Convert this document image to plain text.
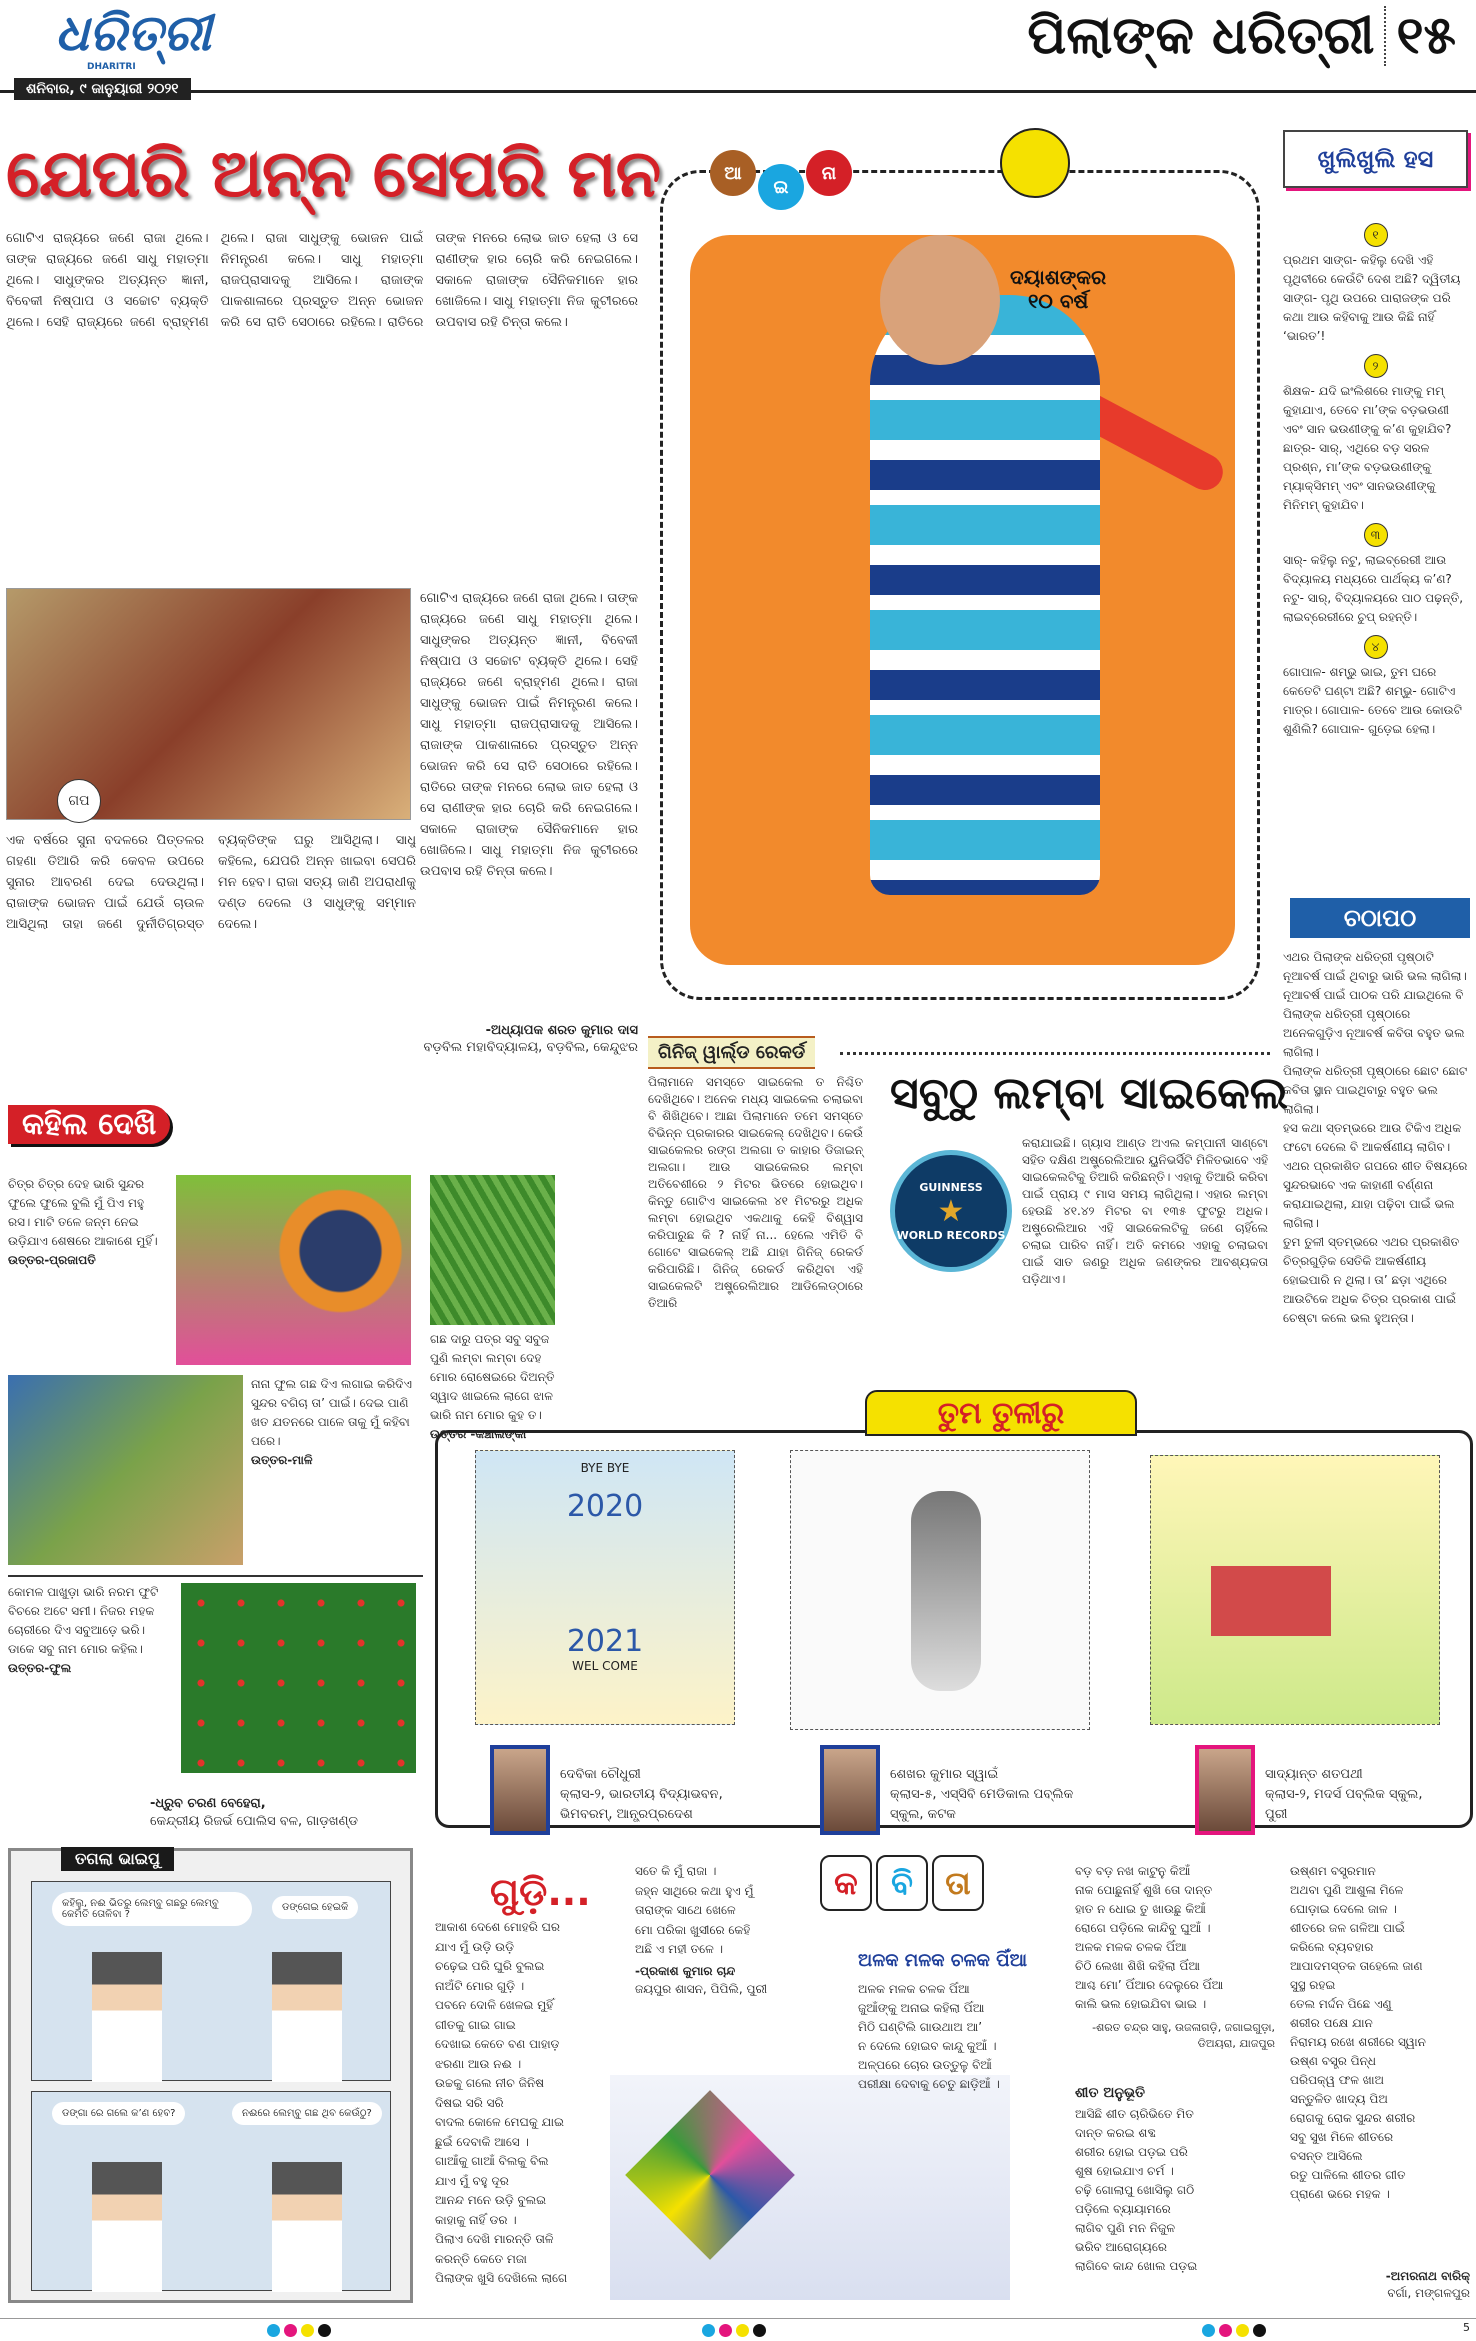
ଧରିତ୍ରୀ
DHARITRI
ଶନିବାର, ୯ ଜାନୁୟାରୀ ୨୦୨୧
ପିଲାଙ୍କ ଧରିତ୍ରୀ ୧୫
ଯେପରି ଅନ୍ନ ସେପରି ମନ
ଗୋଟିଏ ରାଜ୍ୟରେ ଜଣେ ରାଜା ଥିଲେ। ତାଙ୍କ ରାଜ୍ୟରେ ଜଣେ ସାଧୁ ମହାତ୍ମା ଥିଲେ। ସାଧୁଙ୍କର ଅତ୍ୟନ୍ତ ଜ୍ଞାନୀ, ବିବେକୀ ନିଷ୍ପାପ ଓ ସଚ୍ଚୋଟ ବ୍ୟକ୍ତି ଥିଲେ। ସେହି ରାଜ୍ୟରେ ଜଣେ ବ୍ରାହ୍ମଣ ଥିଲେ। ରାଜା ସାଧୁଙ୍କୁ ଭୋଜନ ପାଇଁ ନିମନ୍ତ୍ରଣ କଲେ। ସାଧୁ ମହାତ୍ମା ରାଜପ୍ରାସାଦକୁ ଆସିଲେ। ରାଜାଙ୍କ ପାକଶାଳାରେ ପ୍ରସ୍ତୁତ ଅନ୍ନ ଭୋଜନ କରି ସେ ରାତି ସେଠାରେ ରହିଲେ। ରାତିରେ ତାଙ୍କ ମନରେ ଲୋଭ ଜାତ ହେଲା ଓ ସେ ରାଣୀଙ୍କ ହାର ଚୋରି କରି ନେଇଗଲେ। ସକାଳେ ରାଜାଙ୍କ ସୈନିକମାନେ ହାର ଖୋଜିଲେ। ସାଧୁ ମହାତ୍ମା ନିଜ କୁଟୀରରେ ଉପବାସ ରହି ଚିନ୍ତା କଲେ।
ଗପ
ଗୋଟିଏ ରାଜ୍ୟରେ ଜଣେ ରାଜା ଥିଲେ। ତାଙ୍କ ରାଜ୍ୟରେ ଜଣେ ସାଧୁ ମହାତ୍ମା ଥିଲେ। ସାଧୁଙ୍କର ଅତ୍ୟନ୍ତ ଜ୍ଞାନୀ, ବିବେକୀ ନିଷ୍ପାପ ଓ ସଚ୍ଚୋଟ ବ୍ୟକ୍ତି ଥିଲେ। ସେହି ରାଜ୍ୟରେ ଜଣେ ବ୍ରାହ୍ମଣ ଥିଲେ। ରାଜା ସାଧୁଙ୍କୁ ଭୋଜନ ପାଇଁ ନିମନ୍ତ୍ରଣ କଲେ। ସାଧୁ ମହାତ୍ମା ରାଜପ୍ରାସାଦକୁ ଆସିଲେ। ରାଜାଙ୍କ ପାକଶାଳାରେ ପ୍ରସ୍ତୁତ ଅନ୍ନ ଭୋଜନ କରି ସେ ରାତି ସେଠାରେ ରହିଲେ। ରାତିରେ ତାଙ୍କ ମନରେ ଲୋଭ ଜାତ ହେଲା ଓ ସେ ରାଣୀଙ୍କ ହାର ଚୋରି କରି ନେଇଗଲେ। ସକାଳେ ରାଜାଙ୍କ ସୈନିକମାନେ ହାର ଖୋଜିଲେ। ସାଧୁ ମହାତ୍ମା ନିଜ କୁଟୀରରେ ଉପବାସ ରହି ଚିନ୍ତା କଲେ।
ଏକ ବର୍ଷରେ ସୁନା ବଦଳରେ ପିତ୍ତଳର ଗହଣା ତିଆରି କରି କେବଳ ଉପରେ ସୁନାର ଆବରଣ ଦେଇ ଦେଉଥିଲା। ରାଜାଙ୍କ ଭୋଜନ ପାଇଁ ଯେଉଁ ଚାଉଳ ଆସିଥିଲା ତାହା ଜଣେ ଦୁର୍ନୀତିଗ୍ରସ୍ତ ବ୍ୟକ୍ତିଙ୍କ ଘରୁ ଆସିଥିଲା। ସାଧୁ କହିଲେ, ଯେପରି ଅନ୍ନ ଖାଇବା ସେପରି ମନ ହେବ। ରାଜା ସତ୍ୟ ଜାଣି ଅପରାଧୀକୁ ଦଣ୍ଡ ଦେଲେ ଓ ସାଧୁଙ୍କୁ ସମ୍ମାନ ଦେଲେ।
-ଅଧ୍ୟାପକ ଶରତ କୁମାର ଦାସ
ବଡ଼ବିଲ ମହାବିଦ୍ୟାଳୟ, ବଡ଼ବିଲ, କେନ୍ଦୁଝର
ଆ
ଇ
ନା
ଦୟାଶଙ୍କର
୧୦ ବର୍ଷ
ଖୁଲିଖୁଲି ହସ
୧
ପ୍ରଥମ ସାଙ୍ଗ- କହିଲୁ ଦେଖି ଏହି ପୃଥିବୀରେ କେଉଁଟି ଦେଶ ଅଛି? ଦ୍ୱିତୀୟ ସାଙ୍ଗ- ପୃଥି ଉପରେ ପାରାଜଙ୍କ ପରି କଥା ଆଉ କହିବାକୁ ଆଉ କିଛି ନାହିଁ ‘ଭାରତ’!
୨
ଶିକ୍ଷକ- ଯଦି ଇଂଲିଶରେ ମାଙ୍କୁ ମମ୍ କୁହାଯାଏ, ତେବେ ମା’ଙ୍କ ବଡ଼ଭଉଣୀ ଏବଂ ସାନ ଭଉଣୀଙ୍କୁ କ’ଣ କୁହାଯିବ? ଛାତ୍ର- ସାର୍, ଏଥିରେ ବଡ଼ ସରଳ ପ୍ରଶ୍ନ, ମା’ଙ୍କ ବଡ଼ଭଉଣୀଙ୍କୁ ମ୍ୟାକ୍ସିମମ୍ ଏବଂ ସାନଭଉଣୀଙ୍କୁ ମିନିମମ୍ କୁହାଯିବ।
୩
ସାର୍- କହିଲୁ ନଟୁ, ଲାଇବ୍ରେରୀ ଆଉ ବିଦ୍ୟାଳୟ ମଧ୍ୟରେ ପାର୍ଥକ୍ୟ କ’ଣ? ନଟୁ- ସାର୍, ବିଦ୍ୟାଳୟରେ ପାଠ ପଢ଼ନ୍ତି, ଲାଇବ୍ରେରୀରେ ଚୁପ୍ ରହନ୍ତି।
୪
ଗୋପାଳ- ଶମ୍ଭୁ ଭାଇ, ତୁମ ଘରେ କେତେଟି ଘଣ୍ଟା ଅଛି? ଶମ୍ଭୁ- ଗୋଟିଏ ମାତ୍ର। ଗୋପାଳ- ତେବେ ଆଉ କୋଉଟି ଶୁଣିଲି? ଗୋପାଳ- ଗୁଡ଼େଇ ହେଲା।
ଚଠାପଠ

ଏଥର ପିଲାଙ୍କ ଧରିତ୍ରୀ ପୃଷ୍ଠାଟି ନୂଆବର୍ଷ ପାଇଁ ଥିବାରୁ ଭାରି ଭଲ ଲାଗିଲା। ନୂଆବର୍ଷ ପାଇଁ ପାଠକ ପରି ଯାଇଥିଲେ ବି ପିଲାଙ୍କ ଧରିତ୍ରୀ ପୃଷ୍ଠାରେ ଅନେକଗୁଡ଼ିଏ ନୂଆବର୍ଷ କବିତା ବହୁତ ଭଲ ଲାଗିଲା।

ପିଲାଙ୍କ ଧରିତ୍ରୀ ପୃଷ୍ଠାରେ ଛୋଟ ଛୋଟ କବିତା ସ୍ଥାନ ପାଇଥିବାରୁ ବହୁତ ଭଲ ଲାଗିଲା।

ହସ କଥା ସ୍ତମ୍ଭରେ ଆଉ ଟିକିଏ ଅଧିକ ଫଟୋ ଦେଲେ ବି ଆକର୍ଷଣୀୟ ଲାଗିବ।

ଏଥର ପ୍ରକାଶିତ ଗପରେ ଶୀତ ବିଷୟରେ ସୁନ୍ଦରଭାବେ ଏକ କାହାଣୀ ବର୍ଣ୍ଣନା କରାଯାଇଥିଲା, ଯାହା ପଢ଼ିବା ପାଇଁ ଭଲ ଲାଗିଲା।

ତୁମ ତୁଳୀ ସ୍ତମ୍ଭରେ ଏଥର ପ୍ରକାଶିତ ଚିତ୍ରଗୁଡ଼ିକ ସେତିକି ଆକର୍ଷଣୀୟ ହୋଇପାରି ନ ଥିଲା। ତା’ ଛଡ଼ା ଏଥିରେ ଆଉଟିକେ ଅଧିକ ଚିତ୍ର ପ୍ରକାଶ ପାଇଁ ଚେଷ୍ଟା କଲେ ଭଲ ହୁଅନ୍ତା।

ଗିନିଜ୍ ୱାର୍ଲ୍ଡ ରେକର୍ଡ
ସବୁଠୁ ଲମ୍ବା ସାଇକେଲ
ପିଲାମାନେ ସମସ୍ତେ ସାଇକେଲ ତ ନିଶ୍ଚିତ ଦେଖିଥିବେ। ଅନେକ ମଧ୍ୟ ସାଇକେଲ ଚଲାଇବା ବି ଶିଖିଥିବେ। ଆଛା ପିଲାମାନେ ତମେ ସମସ୍ତେ ବିଭିନ୍ନ ପ୍ରକାରର ସାଇକେଲ୍ ଦେଖିଥିବ। କେଉଁ ସାଇକେଲର ରଙ୍ଗ ଅଲଗା ତ କାହାର ଡିଜାଇନ୍ ଅଲଗା। ଆଉ ସାଇକେଲର ଲମ୍ବା ଅତିବେଶୀରେ ୨ ମିଟର ଭିତରେ ହୋଇଥିବ। କିନ୍ତୁ ଗୋଟିଏ ସାଇକେଲ ୪୧ ମିଟରରୁ ଅଧିକ ଲମ୍ବା ହୋଇଥିବ ଏକଥାକୁ କେହି ବିଶ୍ୱାସ କରିପାରୁଛ କି ? ନାହିଁ ନା... ହେଲେ ଏମିତି ବି ଗୋଟେ ସାଇକେଲ୍ ଅଛି ଯାହା ଗିନିଜ୍ ରେକର୍ଡ କରିପାରିଛି। ଗିନିଜ୍ ରେକର୍ଡ କରିଥିବା ଏହି ସାଇକେଲଟି ଅଷ୍ଟ୍ରେଲିଆର ଆଡିଲେଡ୍‌ଠାରେ ତିଆରି
GUINNESS
★
WORLD RECORDS
କରାଯାଇଛି। ଗ୍ୟାସ ଆଣ୍ଡ ଅଏଲ କମ୍ପାନୀ ସାଣ୍ଟୋ ସହିତ ଦକ୍ଷିଣ ଅଷ୍ଟ୍ରେଲିଆର ୟୁନିଭର୍ସିଟି ମିଳିତଭାବେ ଏହି ସାଇକେଲଟିକୁ ତିଆରି କରିଛନ୍ତି। ଏହାକୁ ତିଆରି କରିବା ପାଇଁ ପ୍ରାୟ ୯ ମାସ ସମୟ ଲାଗିଥିଲା। ଏହାର ଲମ୍ବା ହେଉଛି ୪୧.୪୨ ମିଟର ବା ୧୩୫ ଫୁଟରୁ ଅଧିକ। ଅଷ୍ଟ୍ରେଲିଆର ଏହି ସାଇକେଲଟିକୁ ଜଣେ ଚାହିଁଲେ ଚଲାଇ ପାରିବ ନାହିଁ। ଅତି କମରେ ଏହାକୁ ଚଲାଇବା ପାଇଁ ସାତ ଜଣରୁ ଅଧିକ ଜଣଙ୍କର ଆବଶ୍ୟକତା ପଡ଼ିଥାଏ।
କହିଲ ଦେଖି
ଚିତ୍ର ଚିତ୍ର ଦେହ ଭାରି ସୁନ୍ଦର ଫୁଲେ ଫୁଲେ ବୁଲି ମୁଁ ପିଏ ମହୁ ରସ। ମାଟି ତଳେ ଜନ୍ମ ନେଇ ଉଡ଼ିଯାଏ ଶେଷରେ ଆକାଶେ ମୁହିଁ।
ଉତ୍ତର-ପ୍ରଜାପତି
ନାନା ଫୁଲ ଗଛ ଦିଏ ଲଗାଇ କରିଦିଏ ସୁନ୍ଦର ବଗିଚା ତା’ ପାଇଁ। ଦେଇ ପାଣି ଖତ ଯତନରେ ପାଳେ ତାକୁ ମୁଁ କହିବା ପରେ।
ଉତ୍ତର-ମାଳି
କୋମଳ ପାଖୁଡ଼ା ଭାରି ନରମ ଫୁଟି ବିଚରେ ଅଟେ ସମୀ। ନିଜର ମହକ ଚୋରୀରେ ଦିଏ ସବୁଆଡ଼େ ଭରି। ଡାକେ ସବୁ ନାମ ମୋର କହିଲ।
ଉତ୍ତର-ଫୁଲ
ଗଛ ଦାରୁ ପତ୍ର ସବୁ ସବୁଜ ପୁଣି ଲମ୍ବା ଲମ୍ବା ଦେହ ମୋର ରୋଷେଇରେ ଦିଅନ୍ତି ସ୍ୱାଦ ଖାଇଲେ ଲାଗେ ଝାଳ ଭାରି ନାମ ମୋର କୁହ ତ।
ଉତ୍ତର -କଞ୍ଚାଲଙ୍କା
-ଧ୍ରୁବ ଚରଣ ବେହେରା,
କେନ୍ଦ୍ରୀୟ ରିଜର୍ଭ ପୋଲିସ ବଳ, ଗାଡ଼ଖଣ୍ଡ
ତୁମ ତୁଳୀରୁ
BYE BYE
2020
2021
WEL COME
ଦେବିକା ଚୌଧୁରୀ
କ୍ଲାସ-୨, ଭାରତୀୟ ବିଦ୍ୟାଭବନ, ଭିମବରମ୍, ଆନ୍ଧ୍ରପ୍ରଦେଶ
ଶେଖର କୁମାର ସ୍ୱାଇଁ
କ୍ଲାସ-୫, ଏସ୍‌ସିବି ମେଡିକାଲ ପବ୍ଲିକ ସ୍କୁଲ, କଟକ
ସାଦ୍ୟାନ୍ତ ଶତପଥୀ
କ୍ଲାସ-୨, ମଦର୍ସ ପବ୍ଲିକ ସ୍କୁଲ, ପୁରୀ
ତଗଲା ଭାଇପୁ
କହିଲୁ, ନଈ ଭିତରୁ ଲେମ୍ବୁ ଗଛରୁ ଲେମ୍ବୁ କେମିତି ତୋଳିବା ?
ଡଙ୍ଗେଇ ହେଇକି
ଡଙ୍ଗା ରେ ଗଲେ କ’ଣ ହେବ?	ନଈରେ ଲେମ୍ବୁ ଗଛ ଥିବ କେଉଁଠୁ?
ଗୁଡ଼ି...
ଆକାଶ ଦେଶେ ମୋହରି ଘର
ଯାଏ ମୁଁ ଉଡ଼ି ଉଡ଼ି
ଚଢ଼େଇ ପରି ଘୁରି ବୁଲଇ
ନାଅଁଟି ମୋର ଗୁଡ଼ି ।
ପବନେ ଦୋଳି ଖେଳଇ ମୁହିଁ
ଗୀତକୁ ଗାଇ ଗାଇ
ଦେଖାଇ କେତେ ବଣ ପାହାଡ଼
ଝରଣା ଆଉ ନଈ ।
ଉଚ୍ଚକୁ ଗଲେ ନୀଚ ଜିନିଷ
ଦିଷଇ ସରି ସରି
ବାଦଲ କୋଳେ ମେଘକୁ ଯାଇ
ଛୁଇଁ ଦେବାକି ଆସେ ।
ଗାଆଁକୁ ଗାଆଁ ବିଲକୁ ବିଲ
ଯାଏ ମୁଁ ବହୁ ଦୂର
ଆନନ୍ଦ ମନେ ଉଡ଼ି ବୁଲଇ
କାହାକୁ ନାହିଁ ଡର ।
ପିଲାଏ ଦେଖି ମାରନ୍ତି ତାଳି
କରନ୍ତି କେତେ ମଜା
ପିଲାଙ୍କ ଖୁସି ଦେଖିଲେ ଲାଗେ
ସତେ କି ମୁଁ ରାଜା ।
ଜହ୍ନ ସାଥିରେ କଥା ହୁଏ ମୁଁ
ତାରାଙ୍କ ସାଥେ ଖେଳେ
ମୋ ପରିକା ଖୁସୀରେ କେହି
ଅଛି ଏ ମହୀ ତଳେ ।
-ପ୍ରକାଶ କୁମାର ଚାନ୍ଦ
ଜୟପୁର ଶାସନ, ପିପିଲି, ପୁରୀ
କ	ବି	ତା
ଅଳକ ମଳକ ଚଳକ ପିଁଆ
ଅଳକ ମଳକ ଚଳକ ପିଁଆ
ଜୁଆଁଙ୍କୁ ଅନାଇ କହିଲା ପିଁଆ
ମିଠି ଘଣ୍ଟିଲି ଗାଉଥାଅ ଆ’
ନ ଦେଲେ ହୋଇବ କାନ୍ଦୁ କୁଆଁ ।
ଅଳ୍ପରେ ଚୋର ଉତ୍ତୁଳୁ ବିଆଁ
ପରୀକ୍ଷା ଦେବାକୁ ଚେତୁ ଛାଡ଼ିଆଁ ।
ବଡ଼ ବଡ଼ ନଖ କାଟୁନୁ କିଆଁ
ନାକ ପୋଛୁନାହିଁ ଶୁଖି ତୋ ଦାନ୍ତ
ହାତ ନ ଧୋଇ ତୁ ଖାଉଛୁ କିଆଁ
ରୋଗେ ପଡ଼ିଲେ କାନ୍ଦିବୁ ଘୁଆଁ ।
ଅଳକ ମଳକ ଚଳକ ପିଁଆ
ଚିଠି ଲେଖା ଶିଖି କହିଲା ପିଁଆ
ଆଶ୍ଚ ମୋ’ ପିଁଆର ଦେଲୁରେ ପିଁଆ
କାଲି ଭଲ ହୋଇଯିବା ଭାଇ ।
-ଶରତ ଚନ୍ଦ୍ର ସାହୁ, ଉଜଳାଗଡ଼ି, ଜଗାଇଗୁଡ଼ା, ଡିଅୟରା, ଯାଜପୁର
ଶୀତ ଅନୁଭୂତି
ଆସିଛି ଶୀତ ଚାରିଭିତେ ମିତ
ଦାନ୍ତ କରଇ ଶବ୍ଦ
ଶରୀର ହୋଇ ପଡ଼ଇ ପରି
ଶୁଷ ହୋଇଯାଏ ଚର୍ମ ।
ଚଢ଼ି ଗୋଲାପୁ ଖୋସିଲୁ ଗଠି
ପଡ଼ିଲେ ବ୍ୟାୟାମରେ
ଲାଗିବ ପୁଣି ମନ ନିଜୁଳ
ଭରିବ ଆରୋଗ୍ୟରେ
ଲାଗିବେ କାନ୍ଦ ଖୋଲ ପଡ଼ଇ
ଉଷ୍ଣମ ବସ୍ତ୍ରମାନ
ଅଥବା ପୁଣି ଆଶୁଳା ମିଳେ
ଘୋଡ଼ାଇ ଦେଲେ ଜାଳ ।
ଶୀତରେ ଜଳ ଗଳିଆ ପାଇଁ
କରିଲେ ବ୍ୟବହାର
ଆପାଦମସ୍ତକ ତାହେଲେ ଜାଣ
ସୁସ୍ଥ ରହଇ
ତେଲ ମର୍ଦ୍ଦନ ପିଛେ ଏଣୁ
ଶରୀର ପକ୍ଷେ ଯାନ
ନିରାମୟ ରଖେ ଶରୀରେ ସ୍ୱାନ
ଉଷ୍ଣ ବସ୍ତ୍ର ପିନ୍ଧ
ପରିପକ୍ୱ ଫଳ ଖାଅ
ସନ୍ତୁଳିତ ଖାଦ୍ୟ ପିଅ
ରୋଗକୁ ରୋକ ସୁନ୍ଦର ଶରୀର
ସବୁ ସୁଖ ମିଳେ ଶୀତରେ
ବସନ୍ତ ଆସିଲେ
ରତୁ ପାଳିଲେ ଶୀତର ଗୀତ
ପ୍ରାଣେ ଭରେ ମହକ ।
-ଅମରନାଥ ବାରିକ୍
ବର୍ଗା, ମଙ୍ଗଳପୁର
5
